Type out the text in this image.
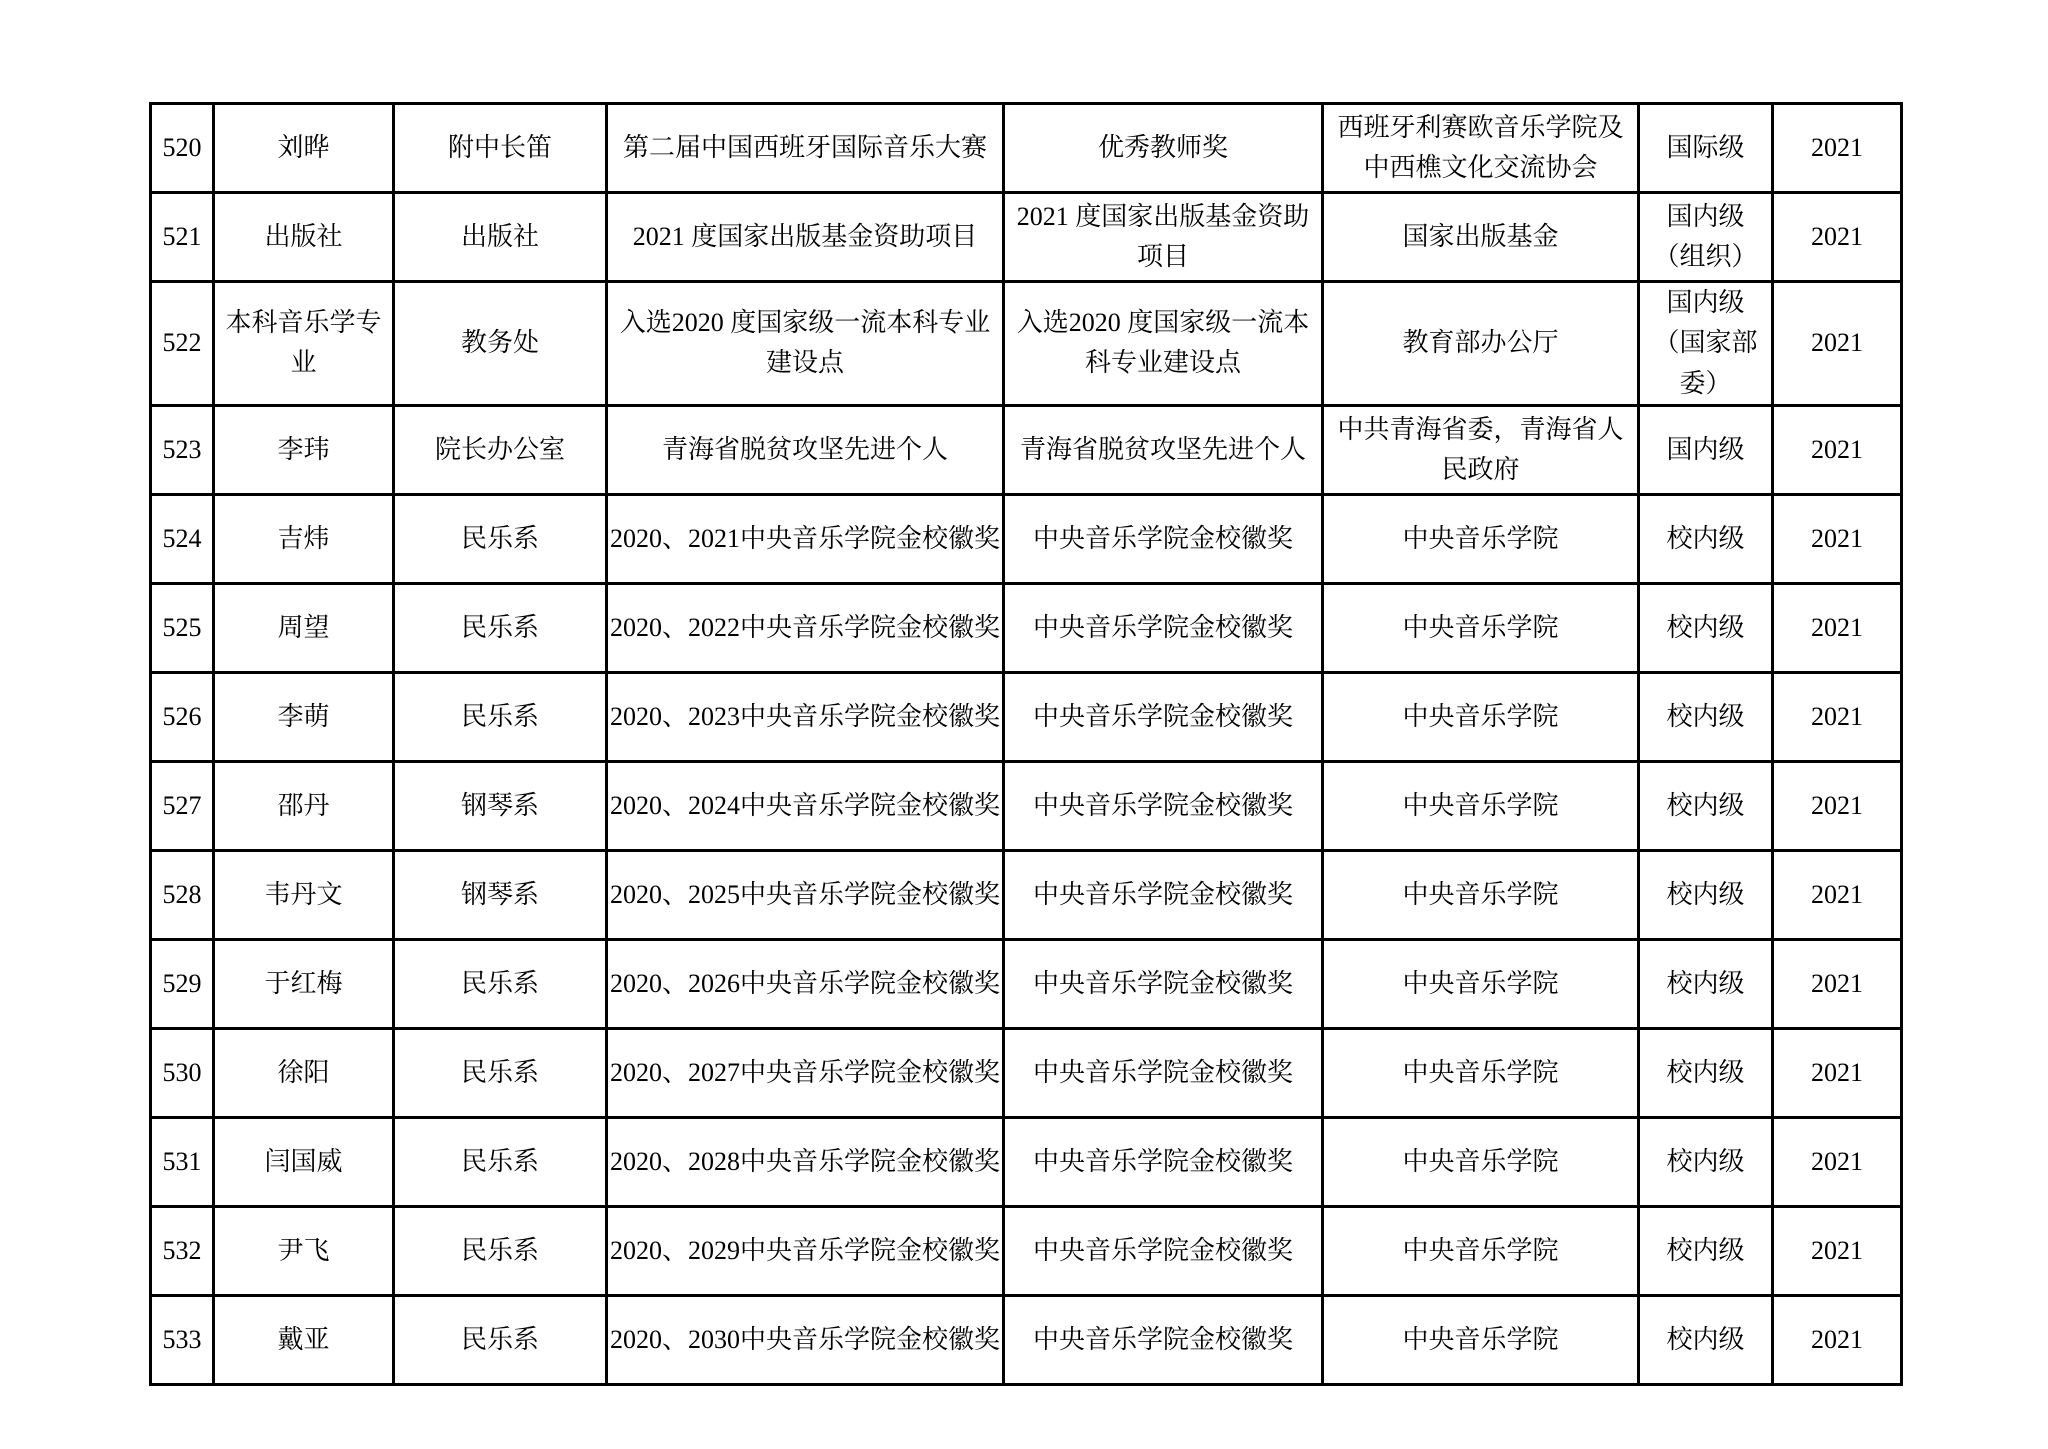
520	刘晔	附中长笛	第二届中国西班牙国际音乐大赛	优秀教师奖	西班牙利赛欧音乐学院及中西樵文化交流协会	国际级	2021
521	出版社	出版社	2021 度国家出版基金资助项目	2021 度国家出版基金资助项目	国家出版基金	国内级（组织）	2021
522	本科音乐学专业	教务处	入选2020 度国家级一流本科专业建设点	入选2020 度国家级一流本科专业建设点	教育部办公厅	国内级（国家部委）	2021
523	李玮	院长办公室	青海省脱贫攻坚先进个人	青海省脱贫攻坚先进个人	中共青海省委，青海省人民政府	国内级	2021
524	吉炜	民乐系	2020、2021中央音乐学院金校徽奖	中央音乐学院金校徽奖	中央音乐学院	校内级	2021
525	周望	民乐系	2020、2022中央音乐学院金校徽奖	中央音乐学院金校徽奖	中央音乐学院	校内级	2021
526	李萌	民乐系	2020、2023中央音乐学院金校徽奖	中央音乐学院金校徽奖	中央音乐学院	校内级	2021
527	邵丹	钢琴系	2020、2024中央音乐学院金校徽奖	中央音乐学院金校徽奖	中央音乐学院	校内级	2021
528	韦丹文	钢琴系	2020、2025中央音乐学院金校徽奖	中央音乐学院金校徽奖	中央音乐学院	校内级	2021
529	于红梅	民乐系	2020、2026中央音乐学院金校徽奖	中央音乐学院金校徽奖	中央音乐学院	校内级	2021
530	徐阳	民乐系	2020、2027中央音乐学院金校徽奖	中央音乐学院金校徽奖	中央音乐学院	校内级	2021
531	闫国威	民乐系	2020、2028中央音乐学院金校徽奖	中央音乐学院金校徽奖	中央音乐学院	校内级	2021
532	尹飞	民乐系	2020、2029中央音乐学院金校徽奖	中央音乐学院金校徽奖	中央音乐学院	校内级	2021
533	戴亚	民乐系	2020、2030中央音乐学院金校徽奖	中央音乐学院金校徽奖	中央音乐学院	校内级	2021
